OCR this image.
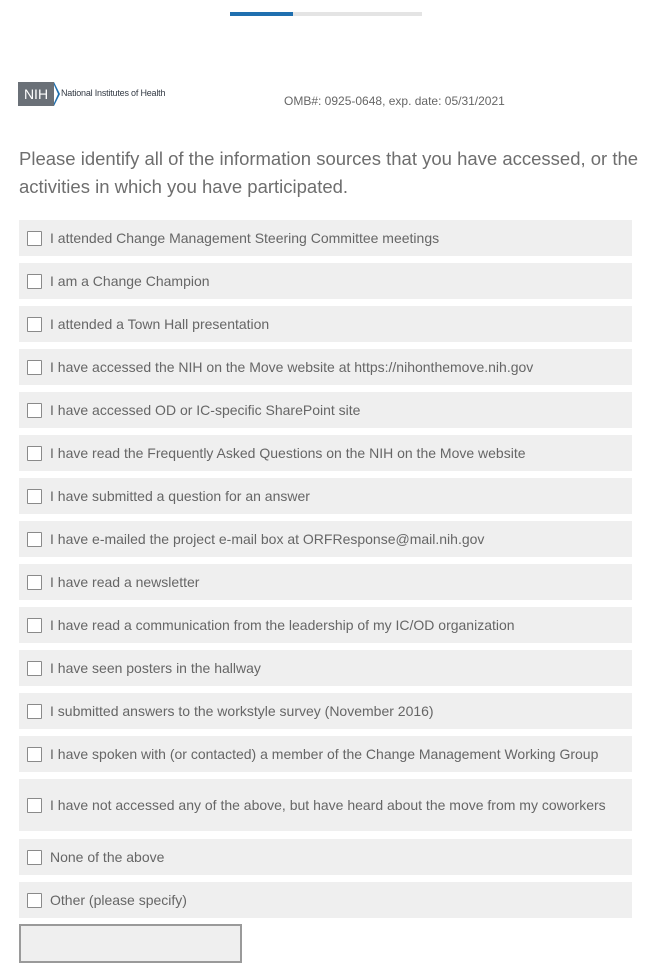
NIH National Institutes of Health
OMB#: 0925-0648, exp. date: 05/31/2021
Please identify all of the information sources that you have accessed, or the activities in which you have participated.
I attended Change Management Steering Committee meetings
I am a Change Champion
I attended a Town Hall presentation
I have accessed the NIH on the Move website at https://nihonthemove.nih.gov
I have accessed OD or IC-specific SharePoint site
I have read the Frequently Asked Questions on the NIH on the Move website
I have submitted a question for an answer
I have e-mailed the project e-mail box at ORFResponse@mail.nih.gov
I have read a newsletter
I have read a communication from the leadership of my IC/OD organization
I have seen posters in the hallway
I submitted answers to the workstyle survey (November 2016)
I have spoken with (or contacted) a member of the Change Management Working Group
I have not accessed any of the above, but have heard about the move from my coworkers
None of the above
Other (please specify)
